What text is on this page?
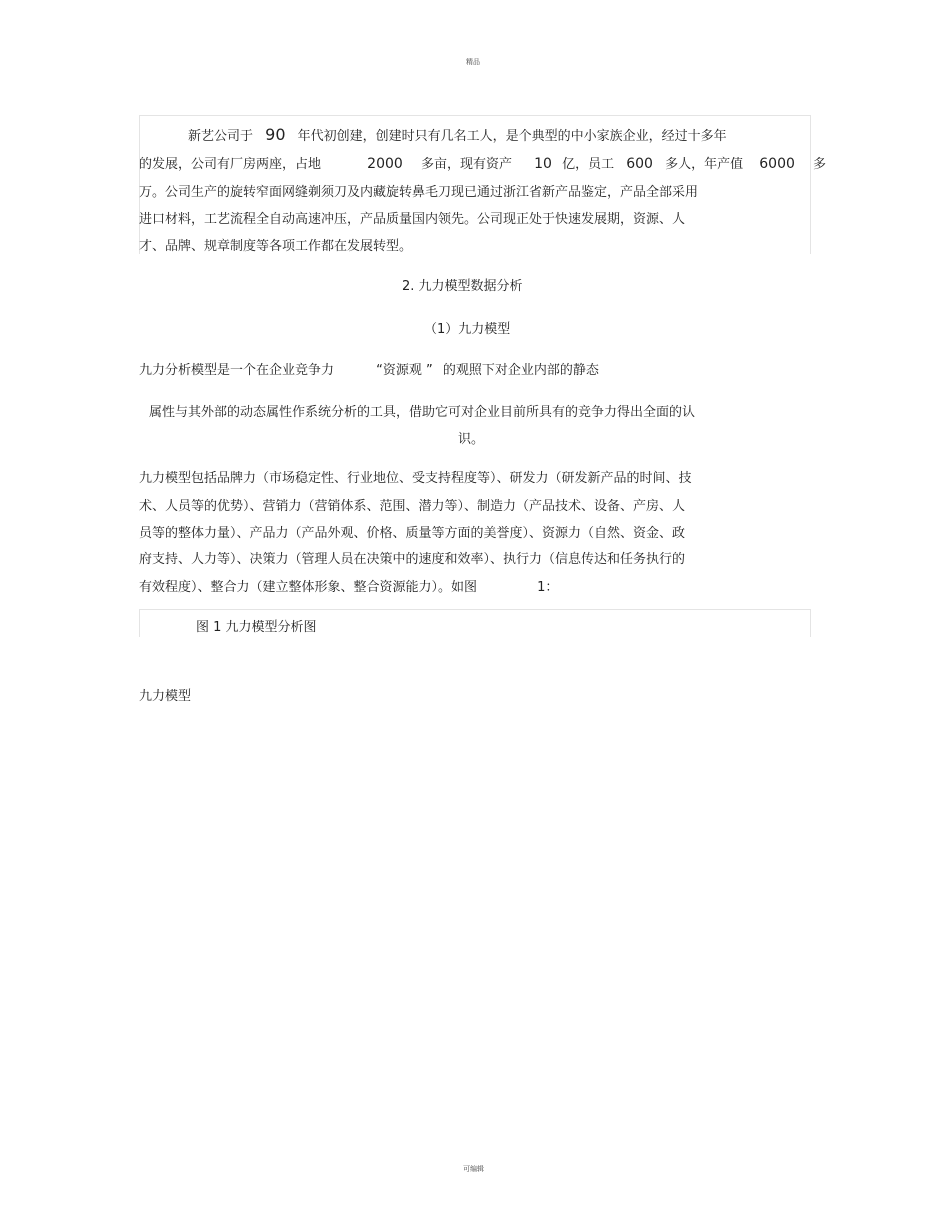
精品
新艺公司于 90 年代初创建，创建时只有几名工人，是个典型的中小家族企业，经过十多年
的发展，公司有厂房两座，占地	2000 多亩，现有资产 10 亿，员工 600 多人，年产值 6000 多
万。公司生产的旋转窄面网缝剃须刀及内藏旋转鼻毛刀现已通过浙江省新产品鉴定，产品全部采用
进口材料，工艺流程全自动高速冲压，产品质量国内领先。公司现正处于快速发展期，资源、人
才、品牌、规章制度等各项工作都在发展转型。
2. 九力模型数据分析
（1）九力模型
九力分析模型是一个在企业竞争力	“资源观 ” 的观照下对企业内部的静态
属性与其外部的动态属性作系统分析的工具，借助它可对企业目前所具有的竞争力得出全面的认
识。
九力模型包括品牌力（市场稳定性、行业地位、受支持程度等）、研发力（研发新产品的时间、技
术、人员等的优势）、营销力（营销体系、范围、潜力等）、制造力（产品技术、设备、产房、人
员等的整体力量）、产品力（产品外观、价格、质量等方面的美誉度）、资源力（自然、资金、政
府支持、人力等）、决策力（管理人员在决策中的速度和效率）、执行力（信息传达和任务执行的
有效程度）、整合力（建立整体形象、整合资源能力）。如图	1：
图 1 九力模型分析图
九力模型
可编辑
